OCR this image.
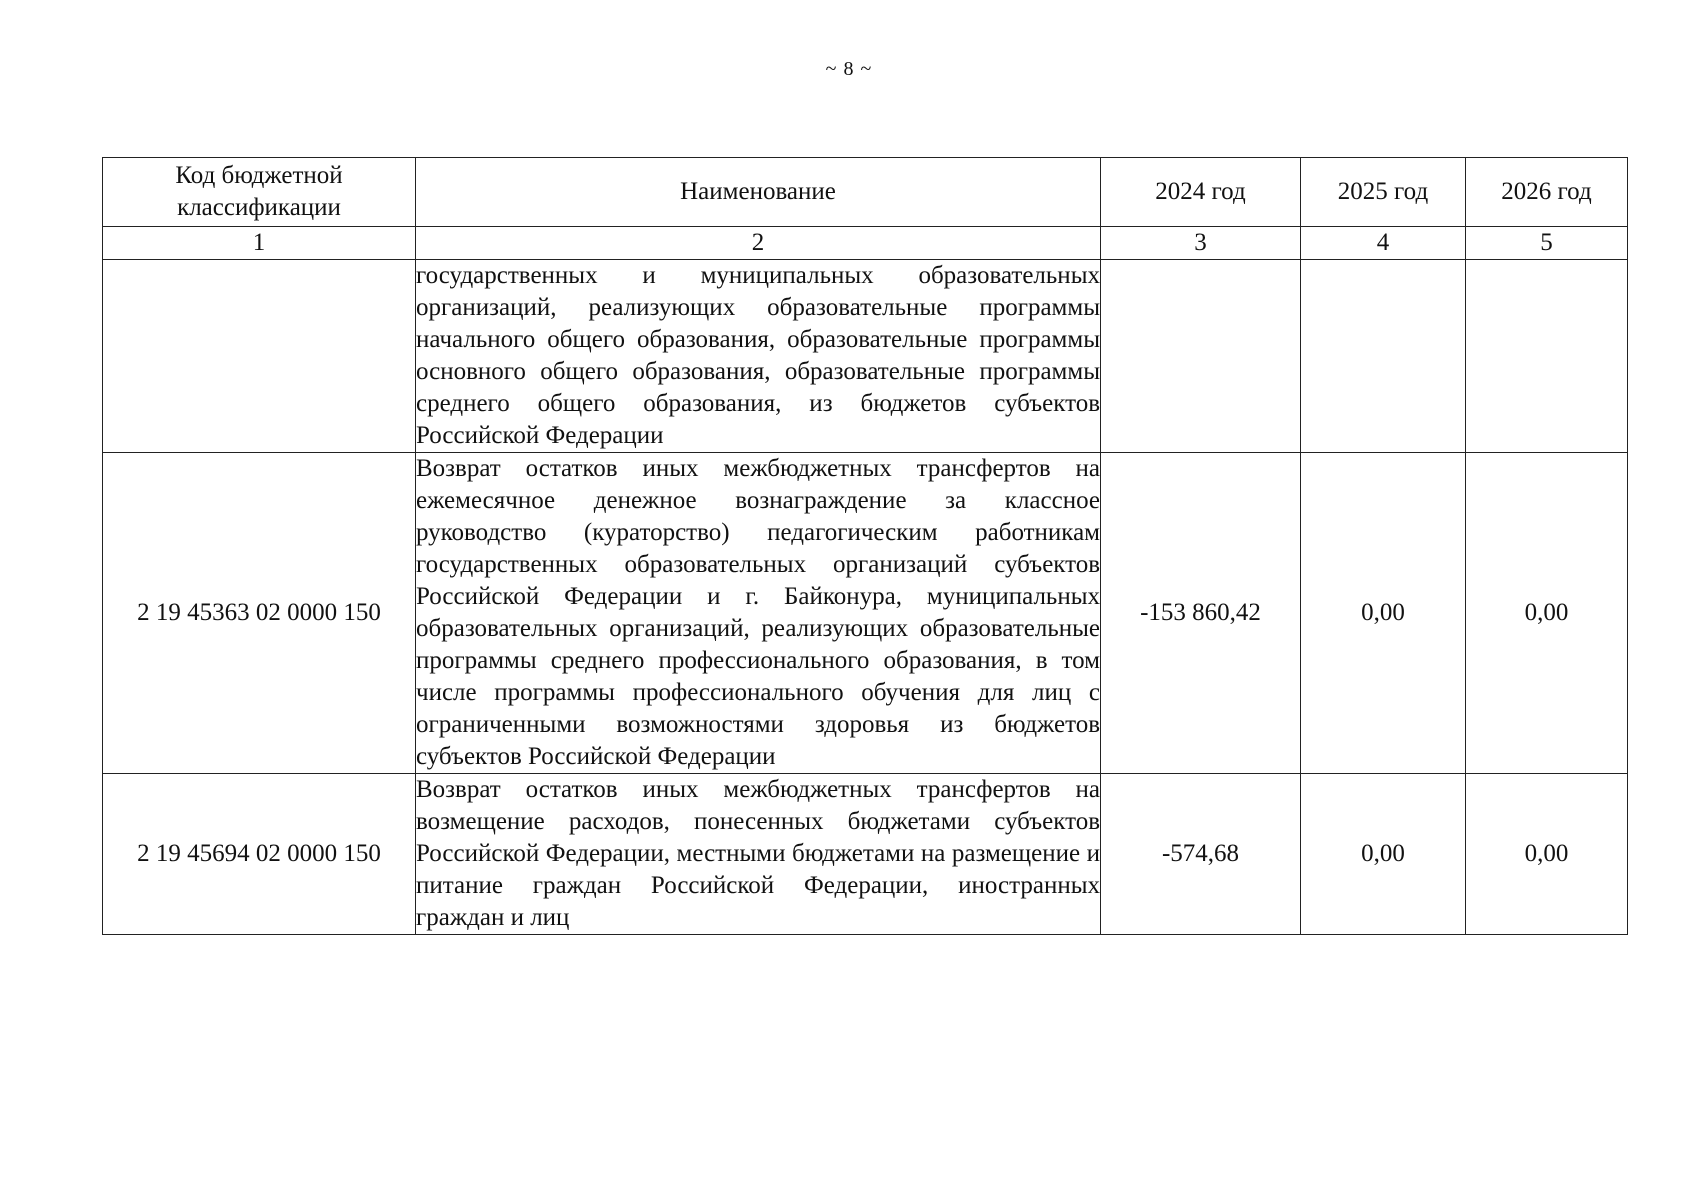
~ 8 ~
Код бюджетной классификации	Наименование	2024 год	2025 год	2026 год
1	2	3	4	5
	государственных и муниципальных образовательных организаций, реализующих образовательные программы начального общего образования, образовательные программы основного общего образования, образовательные программы среднего общего образования, из бюджетов субъектов Российской Федерации			
2 19 45363 02 0000 150	Возврат остатков иных межбюджетных трансфертов на ежемесячное денежное вознаграждение за классное руководство (кураторство) педагогическим работникам государственных образовательных организаций субъектов Российской Федерации и г. Байконура, муниципальных образовательных организаций, реализующих образовательные программы среднего профессионального образования, в том числе программы профессионального обучения для лиц с ограниченными возможностями здоровья из бюджетов субъектов Российской Федерации	-153 860,42	0,00	0,00
2 19 45694 02 0000 150	Возврат остатков иных межбюджетных трансфертов на возмещение расходов, понесенных бюджетами субъектов Российской Федерации, местными бюджетами на размещение и питание граждан Российской Федерации, иностранных граждан и лиц	-574,68	0,00	0,00
